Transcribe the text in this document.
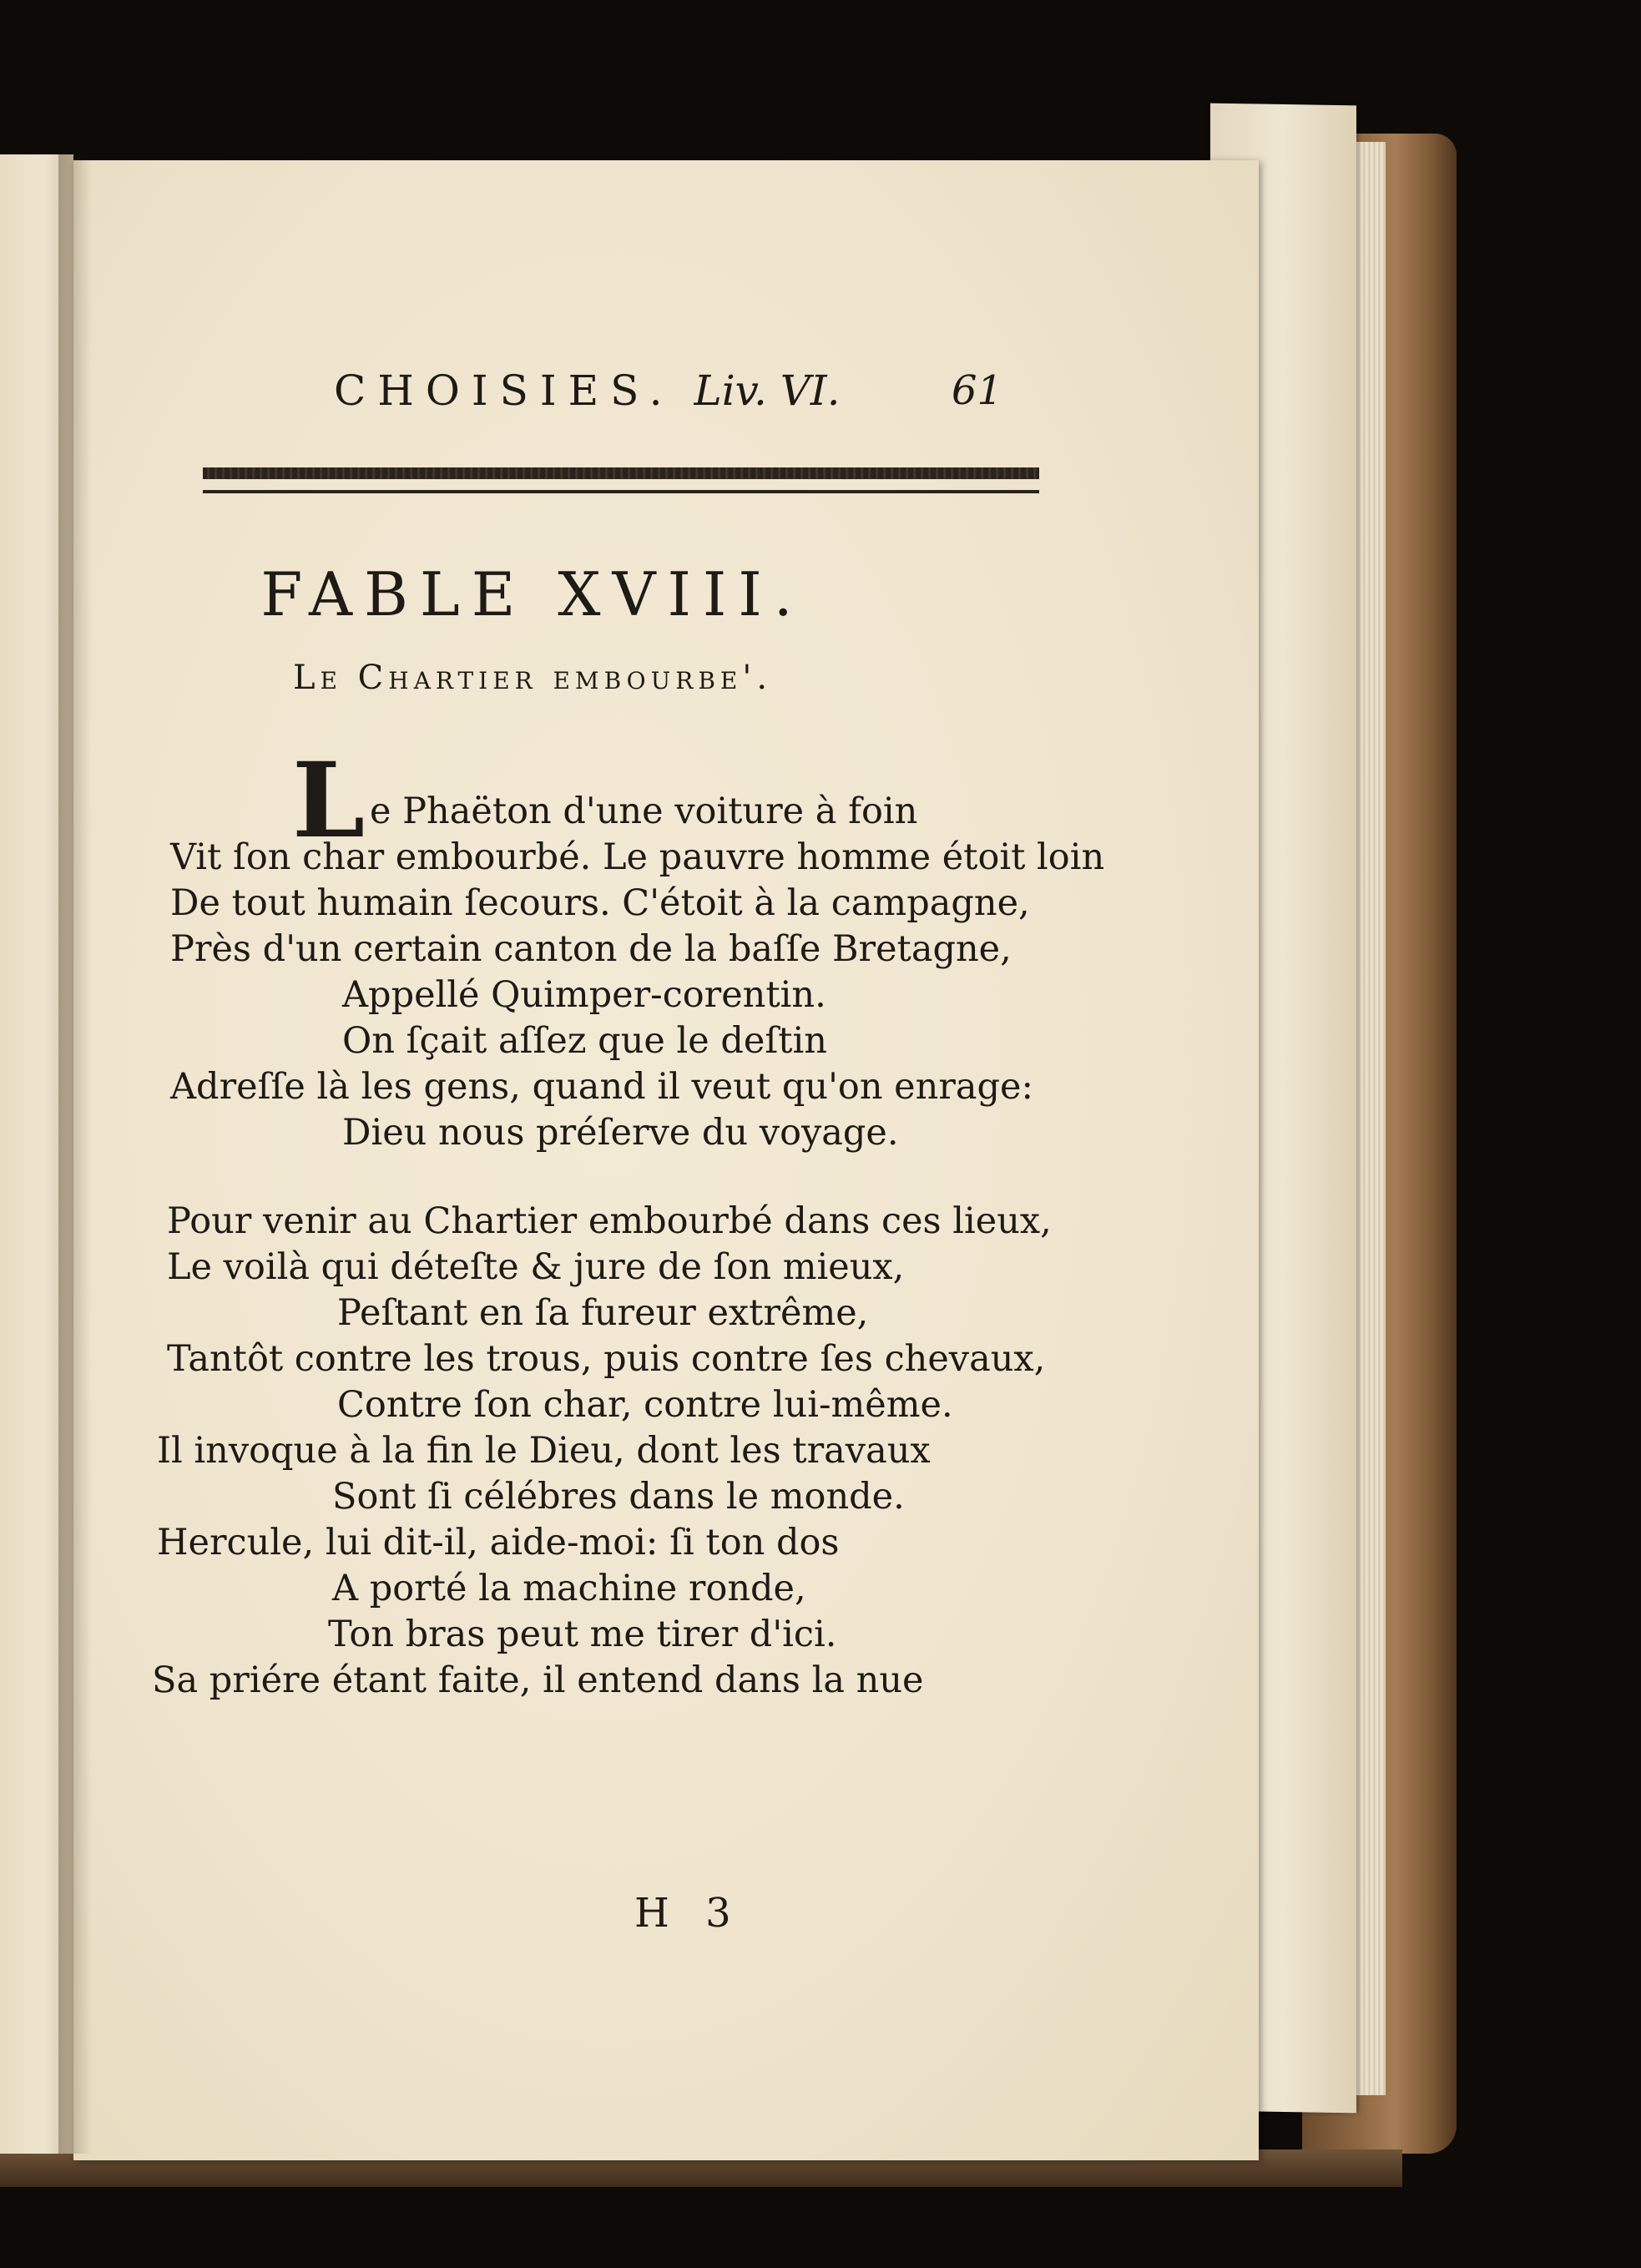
CHOISIES. Liv. VI.	61
FABLE XVIII.
Le Chartier embourbe'.
L e Phaëton d'une voiture à foin
Vit ſon char embourbé. Le pauvre homme étoit loin
De tout humain ſecours. C'étoit à la campagne,
Près d'un certain canton de la baſſe Bretagne,
Appellé Quimper-corentin.
On ſçait aſſez que le deſtin
Adreſſe là les gens, quand il veut qu'on enrage:
Dieu nous préſerve du voyage.
Pour venir au Chartier embourbé dans ces lieux,
Le voilà qui déteſte & jure de ſon mieux,
Peſtant en ſa fureur extrême,
Tantôt contre les trous, puis contre ſes chevaux,
Contre ſon char, contre lui-même.
Il invoque à la fin le Dieu, dont les travaux
Sont ſi célébres dans le monde.
Hercule, lui dit-il, aide-moi: ſi ton dos
A porté la machine ronde,
Ton bras peut me tirer d'ici.
Sa priére étant faite, il entend dans la nue
H 3
